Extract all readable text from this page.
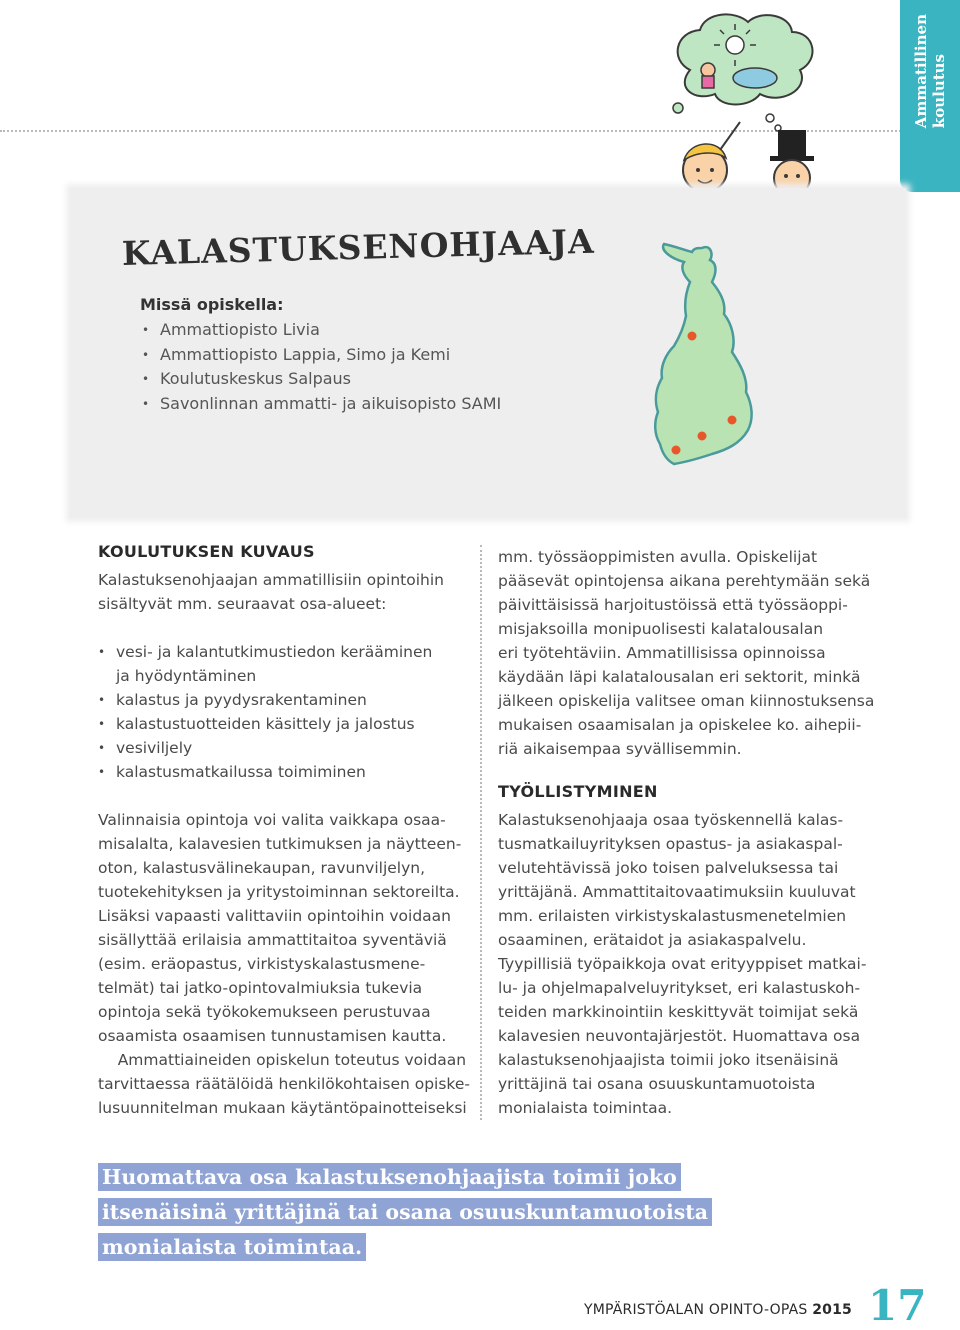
Ammatillinen
koulutus
KALASTUKSENOHJAAJA
Missä opiskella:
• Ammattiopisto Livia
• Ammattiopisto Lappia, Simo ja Kemi
• Koulutuskeskus Salpaus
• Savonlinnan ammatti- ja aikuisopisto SAMI
KOULUTUKSEN KUVAUS

Kalastuksenohjaajan ammatillisiin opintoihin
sisältyvät mm. seuraavat osa-alueet:

• vesi- ja kalantutkimustiedon kerääminen
ja hyödyntäminen
• kalastus ja pyydysrakentaminen
• kalastustuotteiden käsittely ja jalostus
• vesiviljely
• kalastusmatkailussa toimiminen

Valinnaisia opintoja voi valita vaikkapa osaa-
misalalta, kalavesien tutkimuksen ja näytteen-
oton, kalastusvälinekaupan, ravunviljelyn,
tuotekehityksen ja yritystoiminnan sektoreilta.
Lisäksi vapaasti valittaviin opintoihin voidaan
sisällyttää erilaisia ammattitaitoa syventäviä
(esim. eräopastus, virkistyskalastusmene-
telmät) tai jatko-opintovalmiuksia tukevia
opintoja sekä työkokemukseen perustuvaa
osaamista osaamisen tunnustamisen kautta.
Ammattiaineiden opiskelun toteutus voidaan
tarvittaessa räätälöidä henkilökohtaisen opiske-
lusuunnitelman mukaan käytäntöpainotteiseksi

mm. työssäoppimisten avulla. Opiskelijat
pääsevät opintojensa aikana perehtymään sekä
päivittäisissä harjoitustöissä että työssäoppi-
misjaksoilla monipuolisesti kalatalousalan
eri työtehtäviin. Ammatillisissa opinnoissa
käydään läpi kalatalousalan eri sektorit, minkä
jälkeen opiskelija valitsee oman kiinnostuksensa
mukaisen osaamisalan ja opiskelee ko. aihepii-
riä aikaisempaa syvällisemmin.

TYÖLLISTYMINEN

Kalastuksenohjaaja osaa työskennellä kalas-
tusmatkailuyrityksen opastus- ja asiakaspal-
velutehtävissä joko toisen palveluksessa tai
yrittäjänä. Ammattitaitovaatimuksiin kuuluvat
mm. erilaisten virkistyskalastusmenetelmien
osaaminen, erätaidot ja asiakaspalvelu.
Tyypillisiä työpaikkoja ovat erityyppiset matkai-
lu- ja ohjelmapalveluyritykset, eri kalastuskoh-
teiden markkinointiin keskittyvät toimijat sekä
kalavesien neuvontajärjestöt. Huomattava osa
kalastuksenohjaajista toimii joko itsenäisinä
yrittäjinä tai osana osuuskuntamuotoista
monialaista toimintaa.

Huomattava osa kalastuksenohjaajista toimii joko
itsenäisinä yrittäjinä tai osana osuuskuntamuotoista
monialaista toimintaa.
YMPÄRISTÖALAN OPINTO-OPAS 2015 17
